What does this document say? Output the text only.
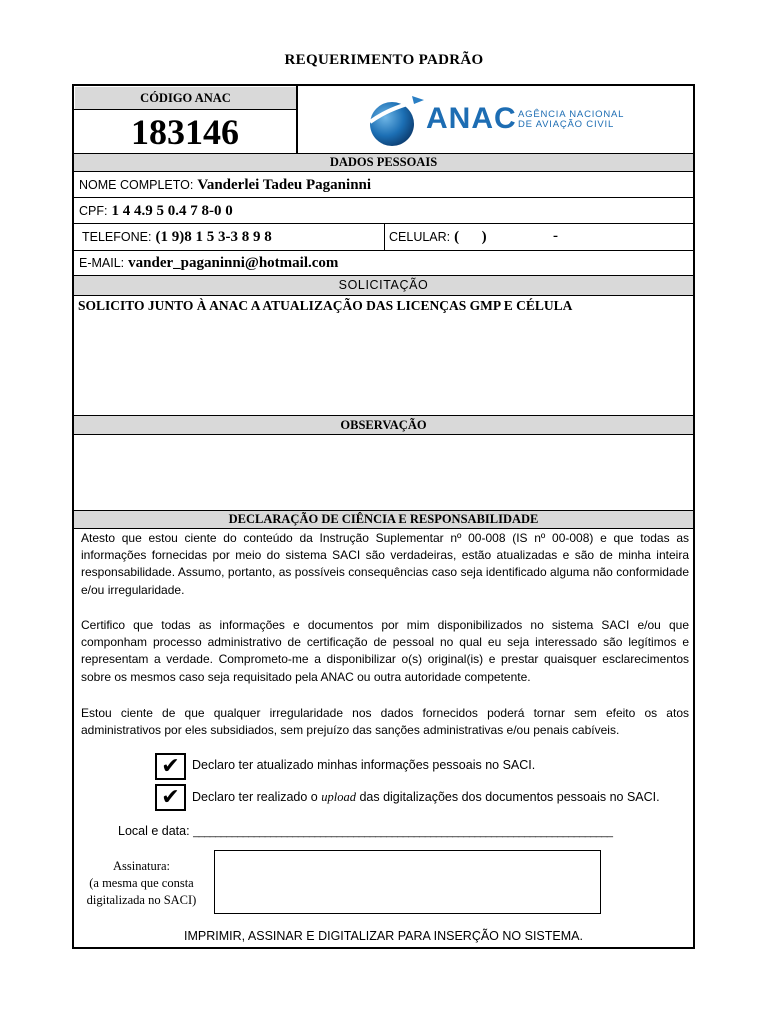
REQUERIMENTO PADRÃO
CÓDIGO ANAC
183146	ANAC AGÊNCIA NACIONAL
DE AVIAÇÃO CIVIL
DADOS PESSOAIS
NOME COMPLETO: Vanderlei Tadeu Paganinni
CPF: 1 4 4.9 5 0.4 7 8-0 0
TELEFONE: (1 9)8 1 5 3-3 8 9 8	CELULAR: (      )	-
E-MAIL: vander_paganinni@hotmail.com
SOLICITAÇÃO
SOLICITO JUNTO À ANAC A ATUALIZAÇÃO DAS LICENÇAS GMP E CÉLULA
OBSERVAÇÃO
DECLARAÇÃO DE CIÊNCIA E RESPONSABILIDADE
Atesto que estou ciente do conteúdo da Instrução Suplementar nº 00-008 (IS nº 00-008) e que todas as informações fornecidas por meio do sistema SACI são verdadeiras, estão atualizadas e são de minha inteira responsabilidade. Assumo, portanto, as possíveis consequências caso seja identificado alguma não conformidade e/ou irregularidade.
Certifico que todas as informações e documentos por mim disponibilizados no sistema SACI e/ou que componham processo administrativo de certificação de pessoal no qual eu seja interessado são legítimos e representam a verdade. Comprometo-me a disponibilizar o(s) original(is) e prestar quaisquer esclarecimentos sobre os mesmos caso seja requisitado pela ANAC ou outra autoridade competente.
Estou ciente de que qualquer irregularidade nos dados fornecidos poderá tornar sem efeito os atos administrativos por eles subsidiados, sem prejuízo das sanções administrativas e/ou penais cabíveis.
✔ Declaro ter atualizado minhas informações pessoais no SACI.
✔ Declaro ter realizado o upload das digitalizações dos documentos pessoais no SACI.
Local e data: ____________________________________________________________________________
Assinatura:
(a mesma que consta
digitalizada no SACI)
IMPRIMIR, ASSINAR E DIGITALIZAR PARA INSERÇÃO NO SISTEMA.
